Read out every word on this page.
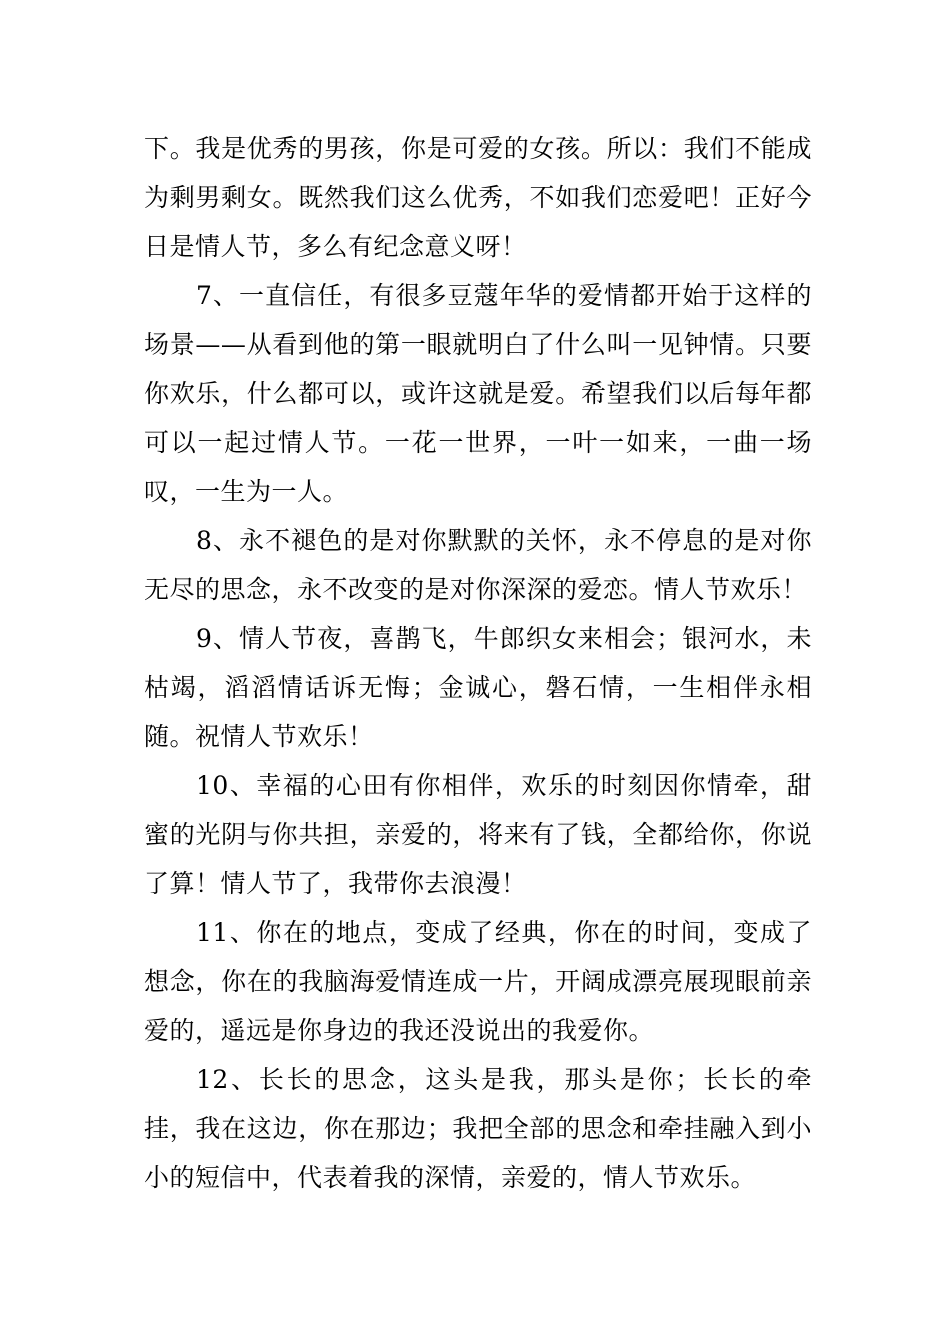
下。我是优秀的男孩，你是可爱的女孩。所以：我们不能成为剩男剩女。既然我们这么优秀，不如我们恋爱吧！正好今日是情人节，多么有纪念意义呀！

7、一直信任，有很多豆蔻年华的爱情都开始于这样的场景——从看到他的第一眼就明白了什么叫一见钟情。只要你欢乐，什么都可以，或许这就是爱。希望我们以后每年都可以一起过情人节。一花一世界，一叶一如来，一曲一场叹，一生为一人。

8、永不褪色的是对你默默的关怀，永不停息的是对你无尽的思念，永不改变的是对你深深的爱恋。情人节欢乐！

9、情人节夜，喜鹊飞，牛郎织女来相会；银河水，未枯竭，滔滔情话诉无悔；金诚心，磐石情，一生相伴永相随。祝情人节欢乐！

10、幸福的心田有你相伴，欢乐的时刻因你情牵，甜蜜的光阴与你共担，亲爱的，将来有了钱，全都给你，你说了算！情人节了，我带你去浪漫！

11、你在的地点，变成了经典，你在的时间，变成了想念，你在的我脑海爱情连成一片，开阔成漂亮展现眼前亲爱的，遥远是你身边的我还没说出的我爱你。

12、长长的思念，这头是我，那头是你；长长的牵挂，我在这边，你在那边；我把全部的思念和牵挂融入到小小的短信中，代表着我的深情，亲爱的，情人节欢乐。
